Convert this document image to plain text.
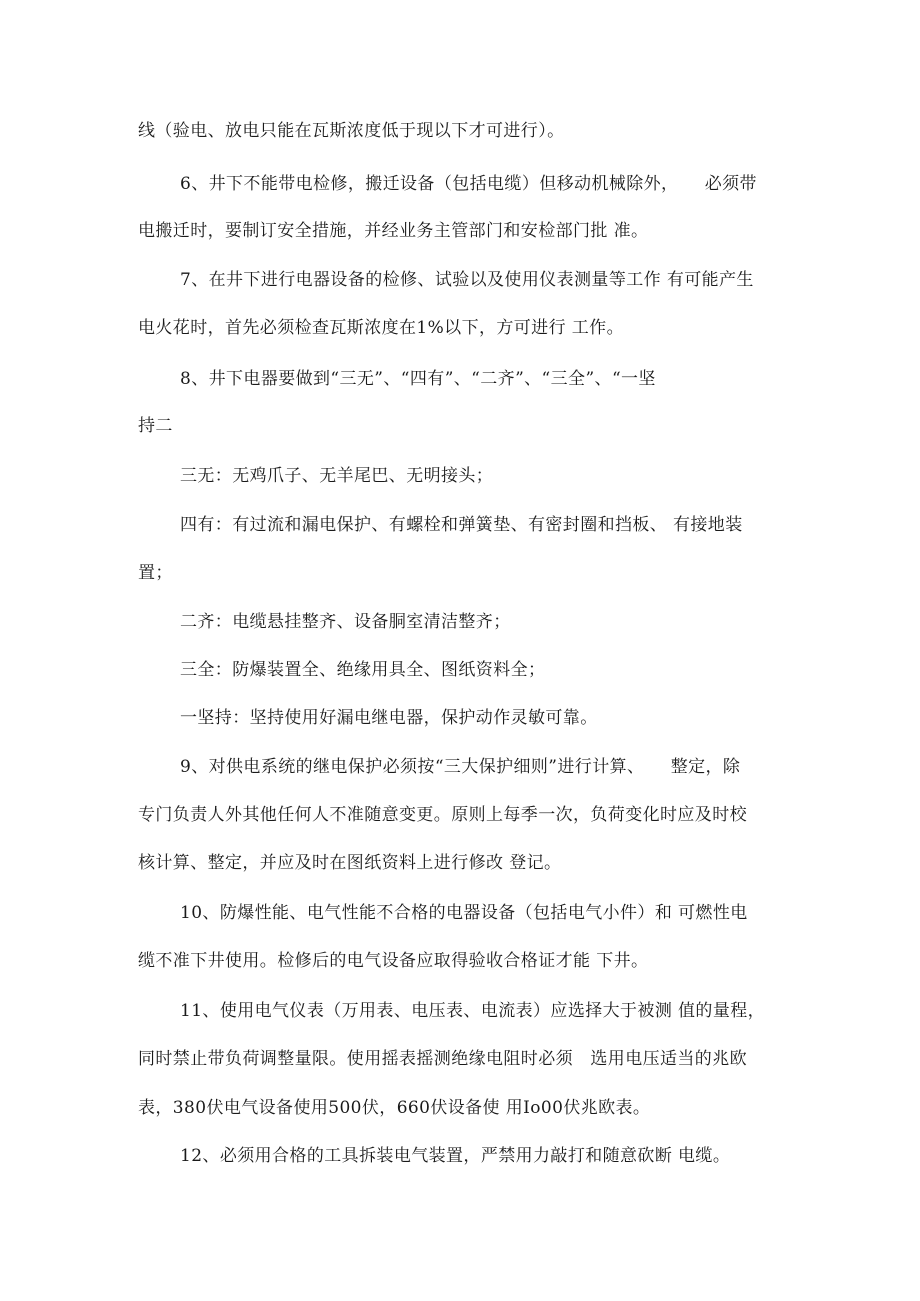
线（验电、放电只能在瓦斯浓度低于现以下才可进行）。
6、井下不能带电检修，搬迁设备（包括电缆）但移动机械除外，　　必须带
电搬迁时，要制订安全措施，并经业务主管部门和安检部门批 准。
7、在井下进行电器设备的检修、试验以及使用仪表测量等工作 有可能产生
电火花时，首先必须检查瓦斯浓度在1%以下，方可进行 工作。
8、井下电器要做到“三无”、“四有”、“二齐”、“三全”、“一坚
持二
三无：无鸡爪子、无羊尾巴、无明接头；
四有：有过流和漏电保护、有螺栓和弹簧垫、有密封圈和挡板、 有接地装
置；
二齐：电缆悬挂整齐、设备胴室清洁整齐；
三全：防爆装置全、绝缘用具全、图纸资料全；
一坚持：坚持使用好漏电继电器，保护动作灵敏可靠。
9、对供电系统的继电保护必须按“三大保护细则”进行计算、　　整定，除
专门负责人外其他任何人不准随意变更。原则上每季一次，负荷变化时应及时校
核计算、整定，并应及时在图纸资料上进行修改 登记。
10、防爆性能、电气性能不合格的电器设备（包括电气小件）和 可燃性电
缆不准下井使用。检修后的电气设备应取得验收合格证才能 下井。
11、使用电气仪表（万用表、电压表、电流表）应选择大于被测 值的量程，
同时禁止带负荷调整量限。使用摇表摇测绝缘电阻时必须　选用电压适当的兆欧
表，380伏电气设备使用500伏，660伏设备使 用Io00伏兆欧表。
12、必须用合格的工具拆装电气装置，严禁用力敲打和随意砍断 电缆。
